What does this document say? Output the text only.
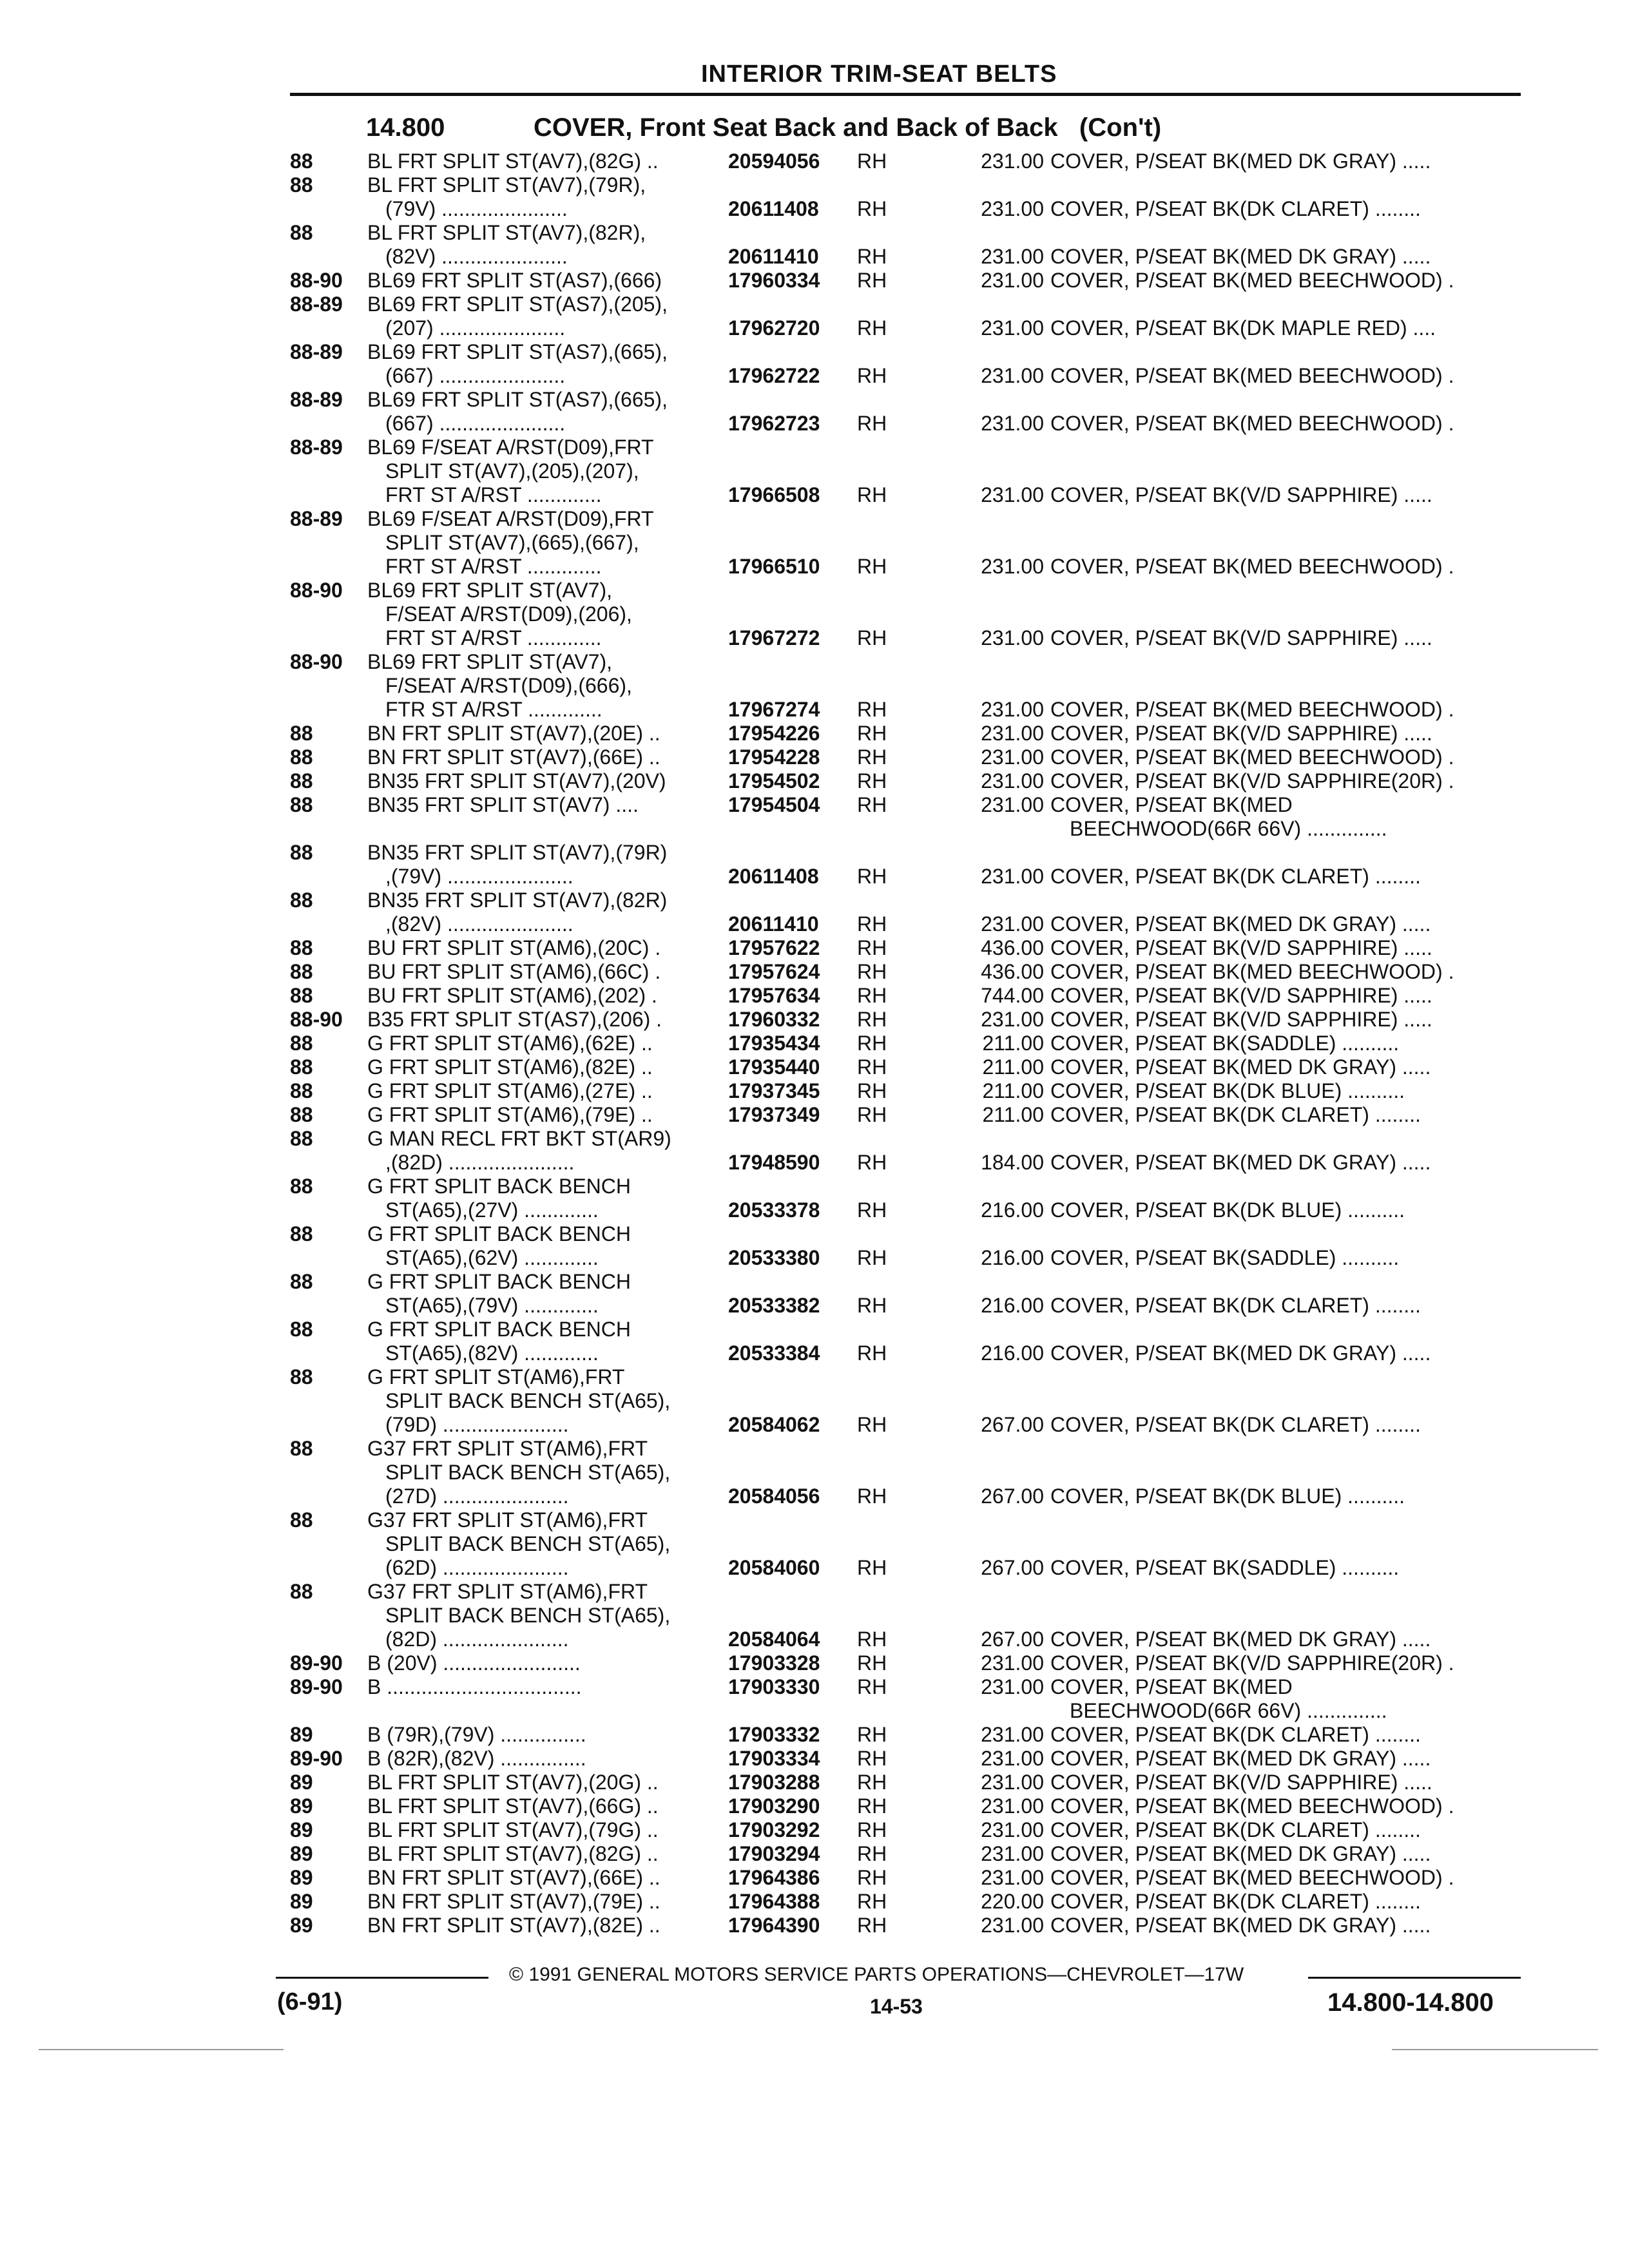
INTERIOR TRIM-SEAT BELTS
14.800	COVER, Front Seat Back and Back of Back (Con't)
88	BL FRT SPLIT ST(AV7),(82G) ..	20594056 RH	231.00 COVER, P/SEAT BK(MED DK GRAY) .....
88	BL FRT SPLIT ST(AV7),(79R),
(79V) ......................	20611408 RH	231.00 COVER, P/SEAT BK(DK CLARET) ........
88	BL FRT SPLIT ST(AV7),(82R),
(82V) ......................	20611410 RH	231.00 COVER, P/SEAT BK(MED DK GRAY) .....
88-90 BL69 FRT SPLIT ST(AS7),(666)	17960334 RH	231.00 COVER, P/SEAT BK(MED BEECHWOOD) .
88-89 BL69 FRT SPLIT ST(AS7),(205),
(207) ......................	17962720 RH	231.00 COVER, P/SEAT BK(DK MAPLE RED) ....
88-89 BL69 FRT SPLIT ST(AS7),(665),
(667) ......................	17962722 RH	231.00 COVER, P/SEAT BK(MED BEECHWOOD) .
88-89 BL69 FRT SPLIT ST(AS7),(665),
(667) ......................	17962723 RH	231.00 COVER, P/SEAT BK(MED BEECHWOOD) .
88-89 BL69 F/SEAT A/RST(D09),FRT
SPLIT ST(AV7),(205),(207),
FRT ST A/RST .............	17966508 RH	231.00 COVER, P/SEAT BK(V/D SAPPHIRE) .....
88-89 BL69 F/SEAT A/RST(D09),FRT
SPLIT ST(AV7),(665),(667),
FRT ST A/RST .............	17966510 RH	231.00 COVER, P/SEAT BK(MED BEECHWOOD) .
88-90 BL69 FRT SPLIT ST(AV7),
F/SEAT A/RST(D09),(206),
FRT ST A/RST .............	17967272 RH	231.00 COVER, P/SEAT BK(V/D SAPPHIRE) .....
88-90 BL69 FRT SPLIT ST(AV7),
F/SEAT A/RST(D09),(666),
FTR ST A/RST .............	17967274 RH	231.00 COVER, P/SEAT BK(MED BEECHWOOD) .
88	BN FRT SPLIT ST(AV7),(20E) ..	17954226 RH	231.00 COVER, P/SEAT BK(V/D SAPPHIRE) .....
88	BN FRT SPLIT ST(AV7),(66E) ..	17954228 RH	231.00 COVER, P/SEAT BK(MED BEECHWOOD) .
88	BN35 FRT SPLIT ST(AV7),(20V)	17954502 RH	231.00 COVER, P/SEAT BK(V/D SAPPHIRE(20R) .
88	BN35 FRT SPLIT ST(AV7) ....	17954504 RH	231.00 COVER, P/SEAT BK(MED
BEECHWOOD(66R 66V) ..............
88	BN35 FRT SPLIT ST(AV7),(79R)
,(79V) ......................	20611408 RH	231.00 COVER, P/SEAT BK(DK CLARET) ........
88	BN35 FRT SPLIT ST(AV7),(82R)
,(82V) ......................	20611410 RH	231.00 COVER, P/SEAT BK(MED DK GRAY) .....
88	BU FRT SPLIT ST(AM6),(20C) .	17957622 RH	436.00 COVER, P/SEAT BK(V/D SAPPHIRE) .....
88	BU FRT SPLIT ST(AM6),(66C) .	17957624 RH	436.00 COVER, P/SEAT BK(MED BEECHWOOD) .
88	BU FRT SPLIT ST(AM6),(202) .	17957634 RH	744.00 COVER, P/SEAT BK(V/D SAPPHIRE) .....
88-90 B35 FRT SPLIT ST(AS7),(206) .	17960332 RH	231.00 COVER, P/SEAT BK(V/D SAPPHIRE) .....
88	G FRT SPLIT ST(AM6),(62E) ..	17935434 RH	211.00 COVER, P/SEAT BK(SADDLE) ..........
88	G FRT SPLIT ST(AM6),(82E) ..	17935440 RH	211.00 COVER, P/SEAT BK(MED DK GRAY) .....
88	G FRT SPLIT ST(AM6),(27E) ..	17937345 RH	211.00 COVER, P/SEAT BK(DK BLUE) ..........
88	G FRT SPLIT ST(AM6),(79E) ..	17937349 RH	211.00 COVER, P/SEAT BK(DK CLARET) ........
88	G MAN RECL FRT BKT ST(AR9)
,(82D) ......................	17948590 RH	184.00 COVER, P/SEAT BK(MED DK GRAY) .....
88	G FRT SPLIT BACK BENCH
ST(A65),(27V) .............	20533378 RH	216.00 COVER, P/SEAT BK(DK BLUE) ..........
88	G FRT SPLIT BACK BENCH
ST(A65),(62V) .............	20533380 RH	216.00 COVER, P/SEAT BK(SADDLE) ..........
88	G FRT SPLIT BACK BENCH
ST(A65),(79V) .............	20533382 RH	216.00 COVER, P/SEAT BK(DK CLARET) ........
88	G FRT SPLIT BACK BENCH
ST(A65),(82V) .............	20533384 RH	216.00 COVER, P/SEAT BK(MED DK GRAY) .....
88	G FRT SPLIT ST(AM6),FRT
SPLIT BACK BENCH ST(A65),
(79D) ......................	20584062 RH	267.00 COVER, P/SEAT BK(DK CLARET) ........
88	G37 FRT SPLIT ST(AM6),FRT
SPLIT BACK BENCH ST(A65),
(27D) ......................	20584056 RH	267.00 COVER, P/SEAT BK(DK BLUE) ..........
88	G37 FRT SPLIT ST(AM6),FRT
SPLIT BACK BENCH ST(A65),
(62D) ......................	20584060 RH	267.00 COVER, P/SEAT BK(SADDLE) ..........
88	G37 FRT SPLIT ST(AM6),FRT
SPLIT BACK BENCH ST(A65),
(82D) ......................	20584064 RH	267.00 COVER, P/SEAT BK(MED DK GRAY) .....
89-90 B (20V) ........................	17903328 RH	231.00 COVER, P/SEAT BK(V/D SAPPHIRE(20R) .
89-90 B ..................................	17903330 RH	231.00 COVER, P/SEAT BK(MED
BEECHWOOD(66R 66V) ..............
89	B (79R),(79V) ...............	17903332 RH	231.00 COVER, P/SEAT BK(DK CLARET) ........
89-90 B (82R),(82V) ...............	17903334 RH	231.00 COVER, P/SEAT BK(MED DK GRAY) .....
89	BL FRT SPLIT ST(AV7),(20G) ..	17903288 RH	231.00 COVER, P/SEAT BK(V/D SAPPHIRE) .....
89	BL FRT SPLIT ST(AV7),(66G) ..	17903290 RH	231.00 COVER, P/SEAT BK(MED BEECHWOOD) .
89	BL FRT SPLIT ST(AV7),(79G) ..	17903292 RH	231.00 COVER, P/SEAT BK(DK CLARET) ........
89	BL FRT SPLIT ST(AV7),(82G) ..	17903294 RH	231.00 COVER, P/SEAT BK(MED DK GRAY) .....
89	BN FRT SPLIT ST(AV7),(66E) ..	17964386 RH	231.00 COVER, P/SEAT BK(MED BEECHWOOD) .
89	BN FRT SPLIT ST(AV7),(79E) ..	17964388 RH	220.00 COVER, P/SEAT BK(DK CLARET) ........
89	BN FRT SPLIT ST(AV7),(82E) ..	17964390 RH	231.00 COVER, P/SEAT BK(MED DK GRAY) .....
© 1991 GENERAL MOTORS SERVICE PARTS OPERATIONS—CHEVROLET—17W
(6-91)	14-53	14.800-14.800
